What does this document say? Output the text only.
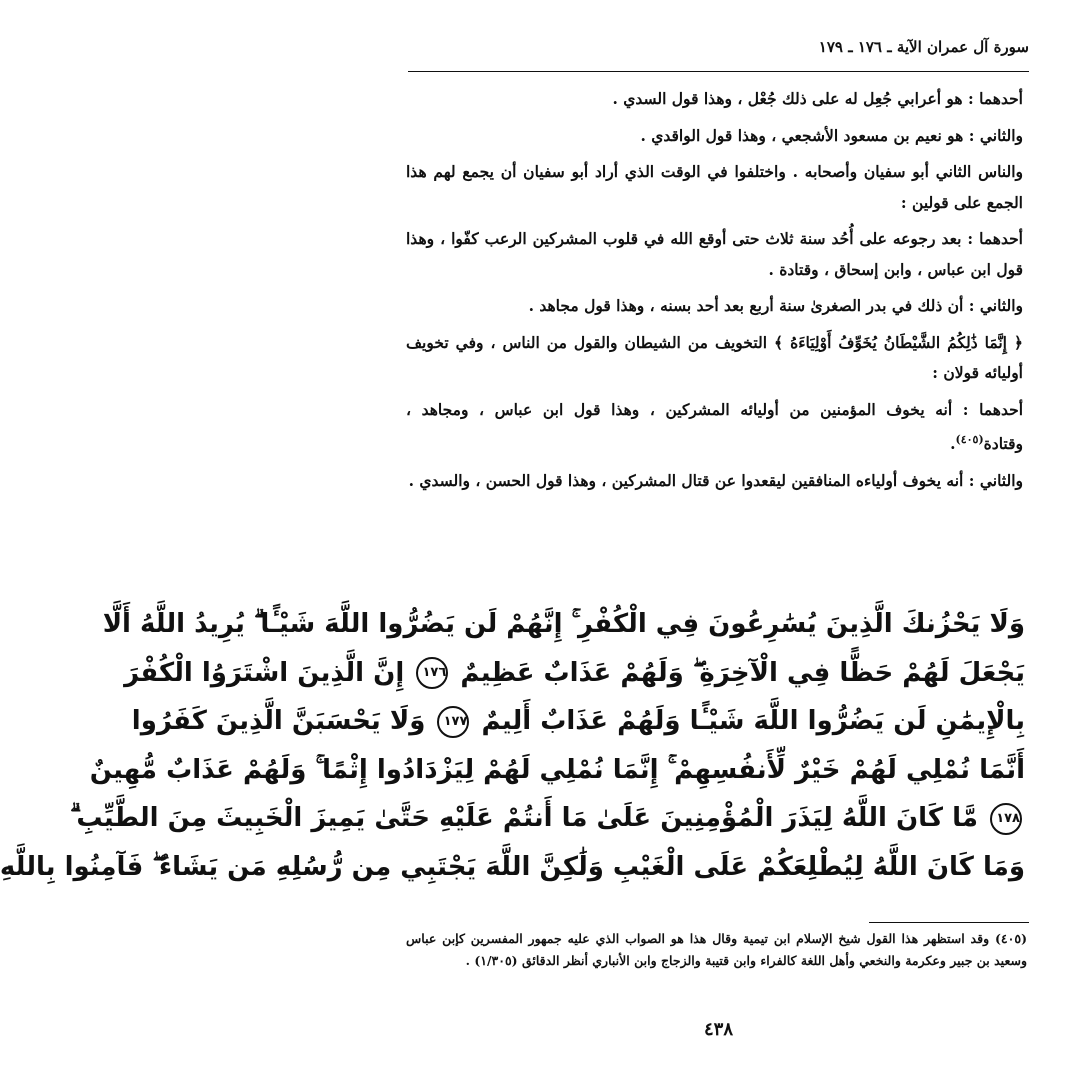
سورة آل عمران الآية ـ ١٧٦ ـ ١٧٩

أحدهما : هو أعرابي جُعِل له على ذلك جُعْل ، وهذا قول السدي .

والثاني : هو نعيم بن مسعود الأشجعي ، وهذا قول الواقدي .

والناس الثاني أبو سفيان وأصحابه . واختلفوا في الوقت الذي أراد أبو سفيان أن يجمع لهم هذا الجمع على قولين :

أحدهما : بعد رجوعه على أُحُد سنة ثلاث حتى أوقع الله في قلوب المشركين الرعب كفّوا ، وهذا قول ابن عباس ، وابن إسحاق ، وقتادة .

والثاني : أن ذلك في بدر الصغرىٰ سنة أربع بعد أحد بسنه ، وهذا قول مجاهد .

﴿ إِنَّمَا ذَٰلِكُمُ الشَّيْطَانُ يُخَوِّفُ أَوْلِيَاءَهُ ﴾ التخويف من الشيطان والقول من الناس ، وفي تخويف أوليائه قولان :

أحدهما : أنه يخوف المؤمنين من أوليائه المشركين ، وهذا قول ابن عباس ، ومجاهد ، وقتادة$^{(٤٠٥)}$.

والثاني : أنه يخوف أولياءه المنافقين ليقعدوا عن قتال المشركين ، وهذا قول الحسن ، والسدي .

وَلَا يَحْزُنكَ الَّذِينَ يُسَٰرِعُونَ فِي الْكُفْرِ ۚ إِنَّهُمْ لَن يَضُرُّوا اللَّهَ شَيْـًٔا ۗ يُرِيدُ اللَّهُ أَلَّا
يَجْعَلَ لَهُمْ حَظًّا فِي الْآخِرَةِ ۖ وَلَهُمْ عَذَابٌ عَظِيمٌ ١٧٦ إِنَّ الَّذِينَ اشْتَرَوُا الْكُفْرَ
بِالْإِيمَٰنِ لَن يَضُرُّوا اللَّهَ شَيْـًٔا وَلَهُمْ عَذَابٌ أَلِيمٌ ١٧٧ وَلَا يَحْسَبَنَّ الَّذِينَ كَفَرُوا
أَنَّمَا نُمْلِي لَهُمْ خَيْرٌ لِّأَنفُسِهِمْ ۚ إِنَّمَا نُمْلِي لَهُمْ لِيَزْدَادُوا إِثْمًا ۚ وَلَهُمْ عَذَابٌ مُّهِينٌ
١٧٨ مَّا كَانَ اللَّهُ لِيَذَرَ الْمُؤْمِنِينَ عَلَىٰ مَا أَنتُمْ عَلَيْهِ حَتَّىٰ يَمِيزَ الْخَبِيثَ مِنَ الطَّيِّبِ ۗ
وَمَا كَانَ اللَّهُ لِيُطْلِعَكُمْ عَلَى الْغَيْبِ وَلَٰكِنَّ اللَّهَ يَجْتَبِي مِن رُّسُلِهِ مَن يَشَاءُ ۖ فَآمِنُوا بِاللَّهِ

(٤٠٥) وقد استظهر هذا القول شيخ الإسلام ابن تيمية وقال هذا هو الصواب الذي عليه جمهور المفسرين كإبن عباس وسعيد بن جبير وعكرمة والنخعي وأهل اللغة كالفراء وابن قتيبة والزجاج وابن الأنباري أنظر الدقائق (١/٣٠٥) .

٤٣٨
